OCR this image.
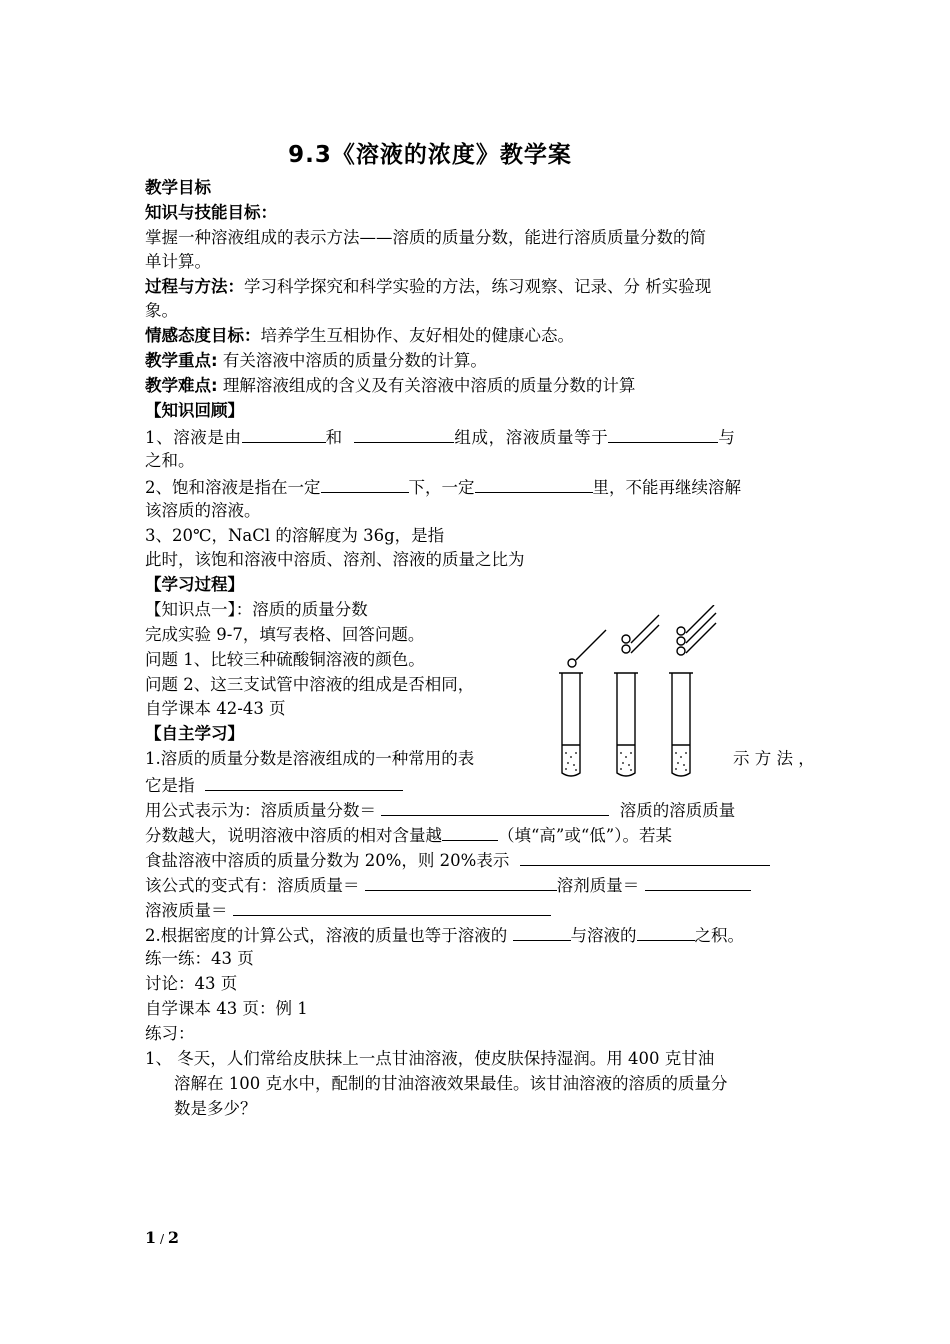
9.3《溶液的浓度》教学案
教学目标
知识与技能目标：
掌握一种溶液组成的表示方法——溶质的质量分数，能进行溶质质量分数的简
单计算。
过程与方法：学习科学探究和科学实验的方法，练习观察、记录、分 析实验现
象。
情感态度目标：培养学生互相协作、友好相处的健康心态。
教学重点: 有关溶液中溶质的质量分数的计算。
教学难点: 理解溶液组成的含义及有关溶液中溶质的质量分数的计算
【知识回顾】
1、溶液是由	和	组成，溶液质量等于	与
之和。
2、饱和溶液是指在一定	下，一定	里，不能再继续溶解
该溶质的溶液。
3、20℃，NaCl 的溶解度为 36g，是指
此时，该饱和溶液中溶质、溶剂、溶液的质量之比为
【学习过程】
【知识点一】：溶质的质量分数
完成实验 9-7，填写表格、回答问题。
问题 1、比较三种硫酸铜溶液的颜色。
问题 2、这三支试管中溶液的组成是否相同，
自学课本 42-43 页
【自主学习】
1.溶质的质量分数是溶液组成的一种常用的表	示 方 法 ，
它是指
用公式表示为：溶质质量分数＝	溶质的溶质质量
分数越大，说明溶液中溶质的相对含量越	（填“高”或“低”）。若某
食盐溶液中溶质的质量分数为 20%，则 20%表示
该公式的变式有：溶质质量＝	溶剂质量＝
溶液质量＝
2.根据密度的计算公式，溶液的质量也等于溶液的	与溶液的	之积。
练一练：43 页
讨论：43 页
自学课本 43 页：例 1
练习：
1、 冬天，人们常给皮肤抹上一点甘油溶液，使皮肤保持湿润。用 400 克甘油
溶解在 100 克水中，配制的甘油溶液效果最佳。该甘油溶液的溶质的质量分
数是多少？
1 / 2
